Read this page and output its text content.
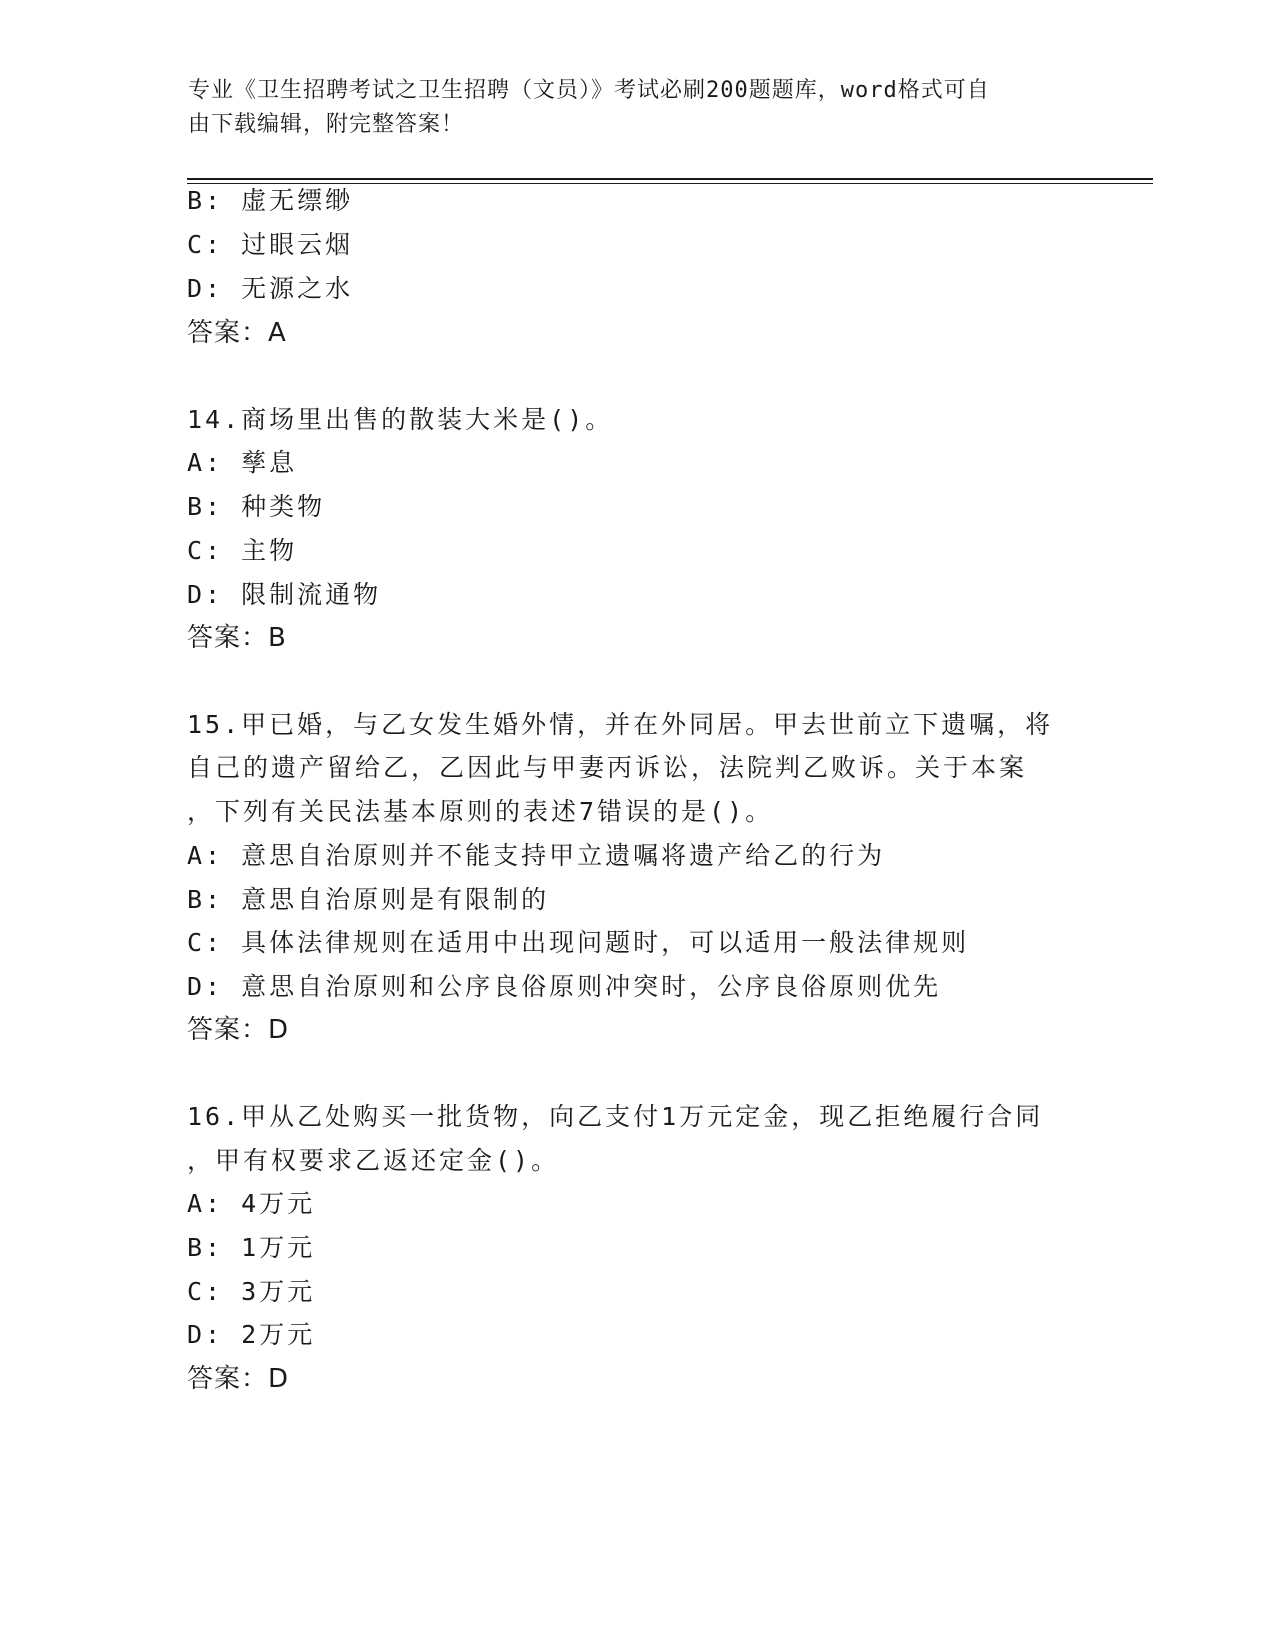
专业《卫生招聘考试之卫生招聘（文员）》考试必刷200题题库，word格式可自
由下载编辑，附完整答案！
B: 虚无缥缈
C: 过眼云烟
D: 无源之水
答案：A
14.商场里出售的散装大米是()。
A: 孳息
B: 种类物
C: 主物
D: 限制流通物
答案：B
15.甲已婚，与乙女发生婚外情，并在外同居。甲去世前立下遗嘱，将
自己的遗产留给乙，乙因此与甲妻丙诉讼，法院判乙败诉。关于本案
，下列有关民法基本原则的表述7错误的是()。
A: 意思自治原则并不能支持甲立遗嘱将遗产给乙的行为
B: 意思自治原则是有限制的
C: 具体法律规则在适用中出现问题时，可以适用一般法律规则
D: 意思自治原则和公序良俗原则冲突时，公序良俗原则优先
答案：D
16.甲从乙处购买一批货物，向乙支付1万元定金，现乙拒绝履行合同
，甲有权要求乙返还定金()。
A: 4万元
B: 1万元
C: 3万元
D: 2万元
答案：D
